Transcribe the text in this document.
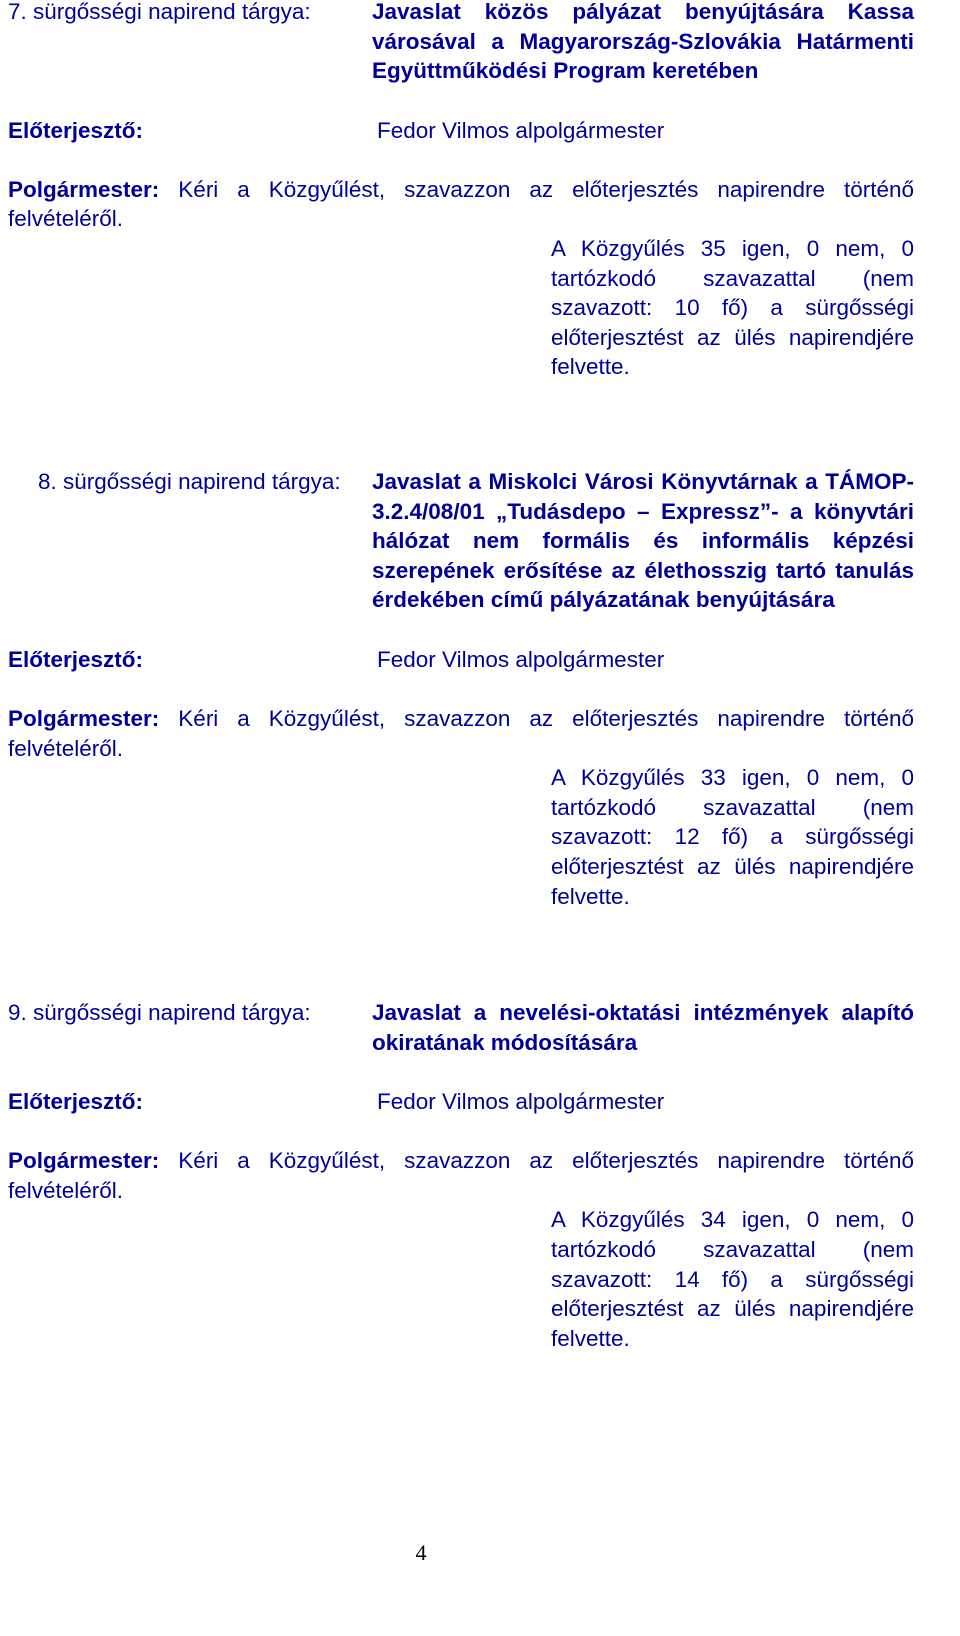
7. sürgősségi napirend tárgya:	Javaslat közös pályázat benyújtására Kassa városával a Magyarország-Szlovákia Határmenti Együttműködési Program keretében
Előterjesztő:	Fedor Vilmos alpolgármester
Polgármester: Kéri a Közgyűlést, szavazzon az előterjesztés napirendre történő felvételéről.
A Közgyűlés 35 igen, 0 nem, 0 tartózkodó szavazattal (nem szavazott: 10 fő) a sürgősségi előterjesztést az ülés napirendjére felvette.
8. sürgősségi napirend tárgya: Javaslat a Miskolci Városi Könyvtárnak a TÁMOP-3.2.4/08/01 „Tudásdepo – Expressz”- a könyvtári hálózat nem formális és informális képzési szerepének erősítése az élethosszig tartó tanulás érdekében című pályázatának benyújtására
Előterjesztő:	Fedor Vilmos alpolgármester
Polgármester: Kéri a Közgyűlést, szavazzon az előterjesztés napirendre történő felvételéről.
A Közgyűlés 33 igen, 0 nem, 0 tartózkodó szavazattal (nem szavazott: 12 fő) a sürgősségi előterjesztést az ülés napirendjére felvette.
9. sürgősségi napirend tárgya:	Javaslat a nevelési-oktatási intézmények alapító okiratának módosítására
Előterjesztő:	Fedor Vilmos alpolgármester
Polgármester: Kéri a Közgyűlést, szavazzon az előterjesztés napirendre történő felvételéről.
A Közgyűlés 34 igen, 0 nem, 0 tartózkodó szavazattal (nem szavazott: 14 fő) a sürgősségi előterjesztést az ülés napirendjére felvette.
4
